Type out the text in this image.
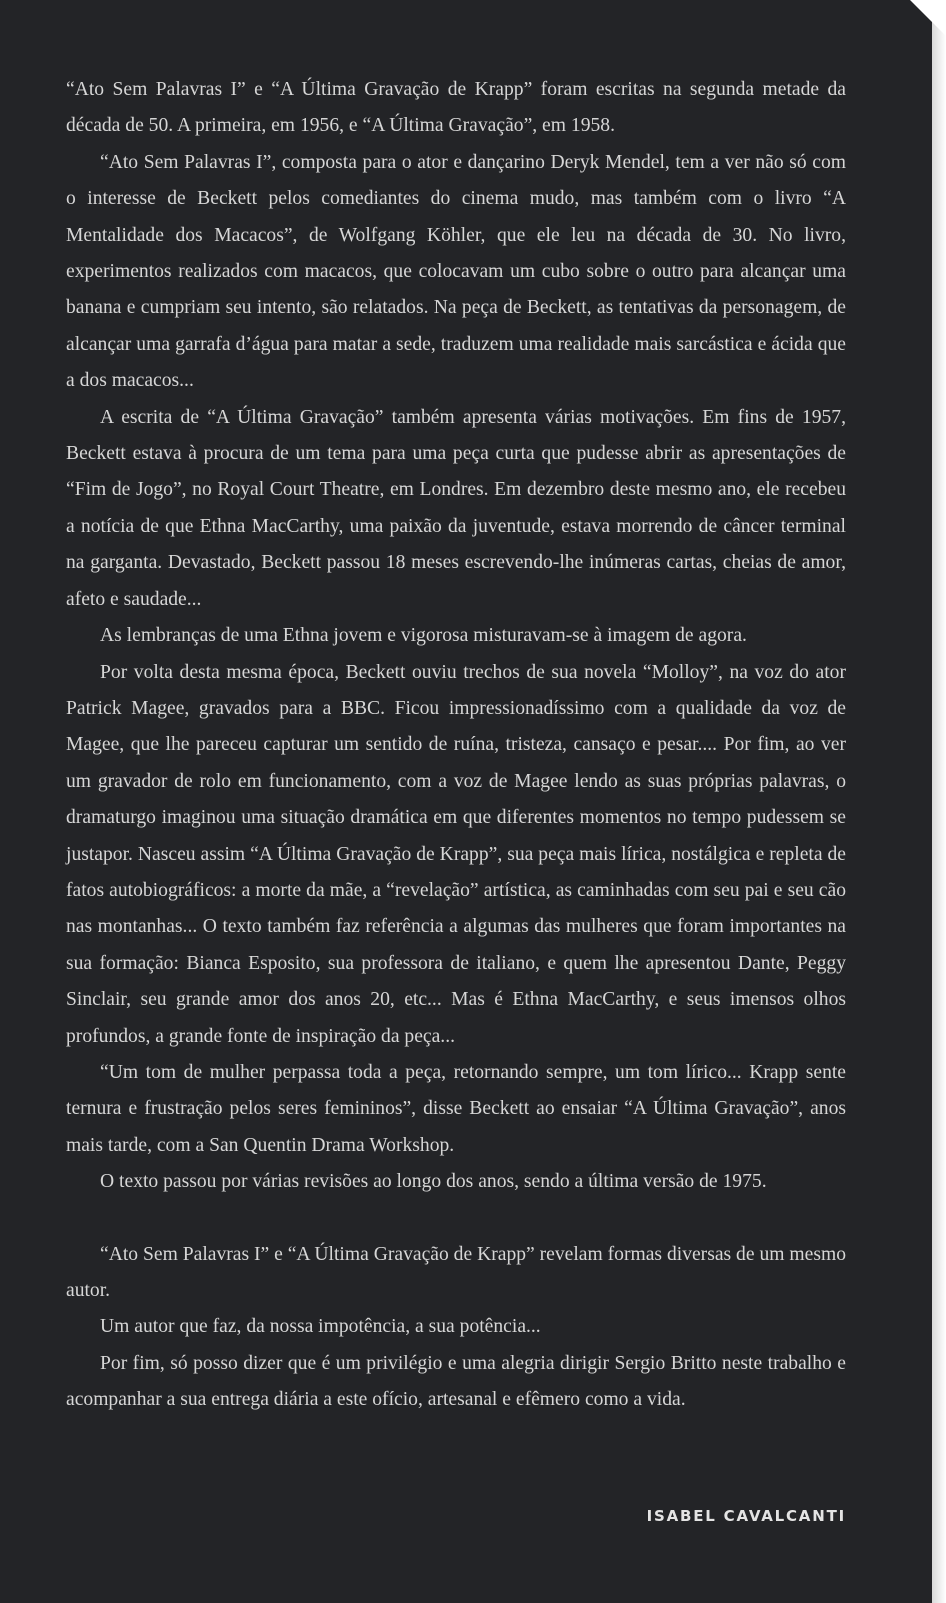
“Ato Sem Palavras I” e “A Última Gravação de Krapp” foram escritas na segunda metade da década de 50. A primeira, em 1956, e “A Última Gravação”, em 1958.

“Ato Sem Palavras I”, composta para o ator e dançarino Deryk Mendel, tem a ver não só com o interesse de Beckett pelos comediantes do cinema mudo, mas também com o livro “A Mentalidade dos Macacos”, de Wolfgang Köhler, que ele leu na década de 30. No livro, experimentos realizados com macacos, que colocavam um cubo sobre o outro para alcançar uma banana e cumpriam seu intento, são relatados. Na peça de Beckett, as tentativas da personagem, de alcançar uma garrafa d’água para matar a sede, traduzem uma realidade mais sarcástica e ácida que a dos macacos...

A escrita de “A Última Gravação” também apresenta várias motivações. Em fins de 1957, Beckett estava à procura de um tema para uma peça curta que pudesse abrir as apresentações de “Fim de Jogo”, no Royal Court Theatre, em Londres. Em dezembro deste mesmo ano, ele recebeu a notícia de que Ethna MacCarthy, uma paixão da juventude, estava morrendo de câncer terminal na garganta. Devastado, Beckett passou 18 meses escrevendo-lhe inúmeras cartas, cheias de amor, afeto e saudade...

As lembranças de uma Ethna jovem e vigorosa misturavam-se à imagem de agora.

Por volta desta mesma época, Beckett ouviu trechos de sua novela “Molloy”, na voz do ator Patrick Magee, gravados para a BBC. Ficou impressionadíssimo com a qualidade da voz de Magee, que lhe pareceu capturar um sentido de ruína, tristeza, cansaço e pesar.... Por fim, ao ver um gravador de rolo em funcionamento, com a voz de Magee lendo as suas próprias palavras, o dramaturgo imaginou uma situação dramática em que diferentes momentos no tempo pudessem se justapor. Nasceu assim “A Última Gravação de Krapp”, sua peça mais lírica, nostálgica e repleta de fatos autobiográficos: a morte da mãe, a “revelação” artística, as caminhadas com seu pai e seu cão nas montanhas... O texto também faz referência a algumas das mulheres que foram importantes na sua formação: Bianca Esposito, sua professora de italiano, e quem lhe apresentou Dante, Peggy Sinclair, seu grande amor dos anos 20, etc... Mas é Ethna MacCarthy, e seus imensos olhos profundos, a grande fonte de inspiração da peça...

“Um tom de mulher perpassa toda a peça, retornando sempre, um tom lírico... Krapp sente ternura e frustração pelos seres femininos”, disse Beckett ao ensaiar “A Última Gravação”, anos mais tarde, com a San Quentin Drama Workshop.

O texto passou por várias revisões ao longo dos anos, sendo a última versão de 1975.

“Ato Sem Palavras I” e “A Última Gravação de Krapp” revelam formas diversas de um mesmo autor.

Um autor que faz, da nossa impotência, a sua potência...

Por fim, só posso dizer que é um privilégio e uma alegria dirigir Sergio Britto neste trabalho e acompanhar a sua entrega diária a este ofício, artesanal e efêmero como a vida.

ISABEL CAVALCANTI
